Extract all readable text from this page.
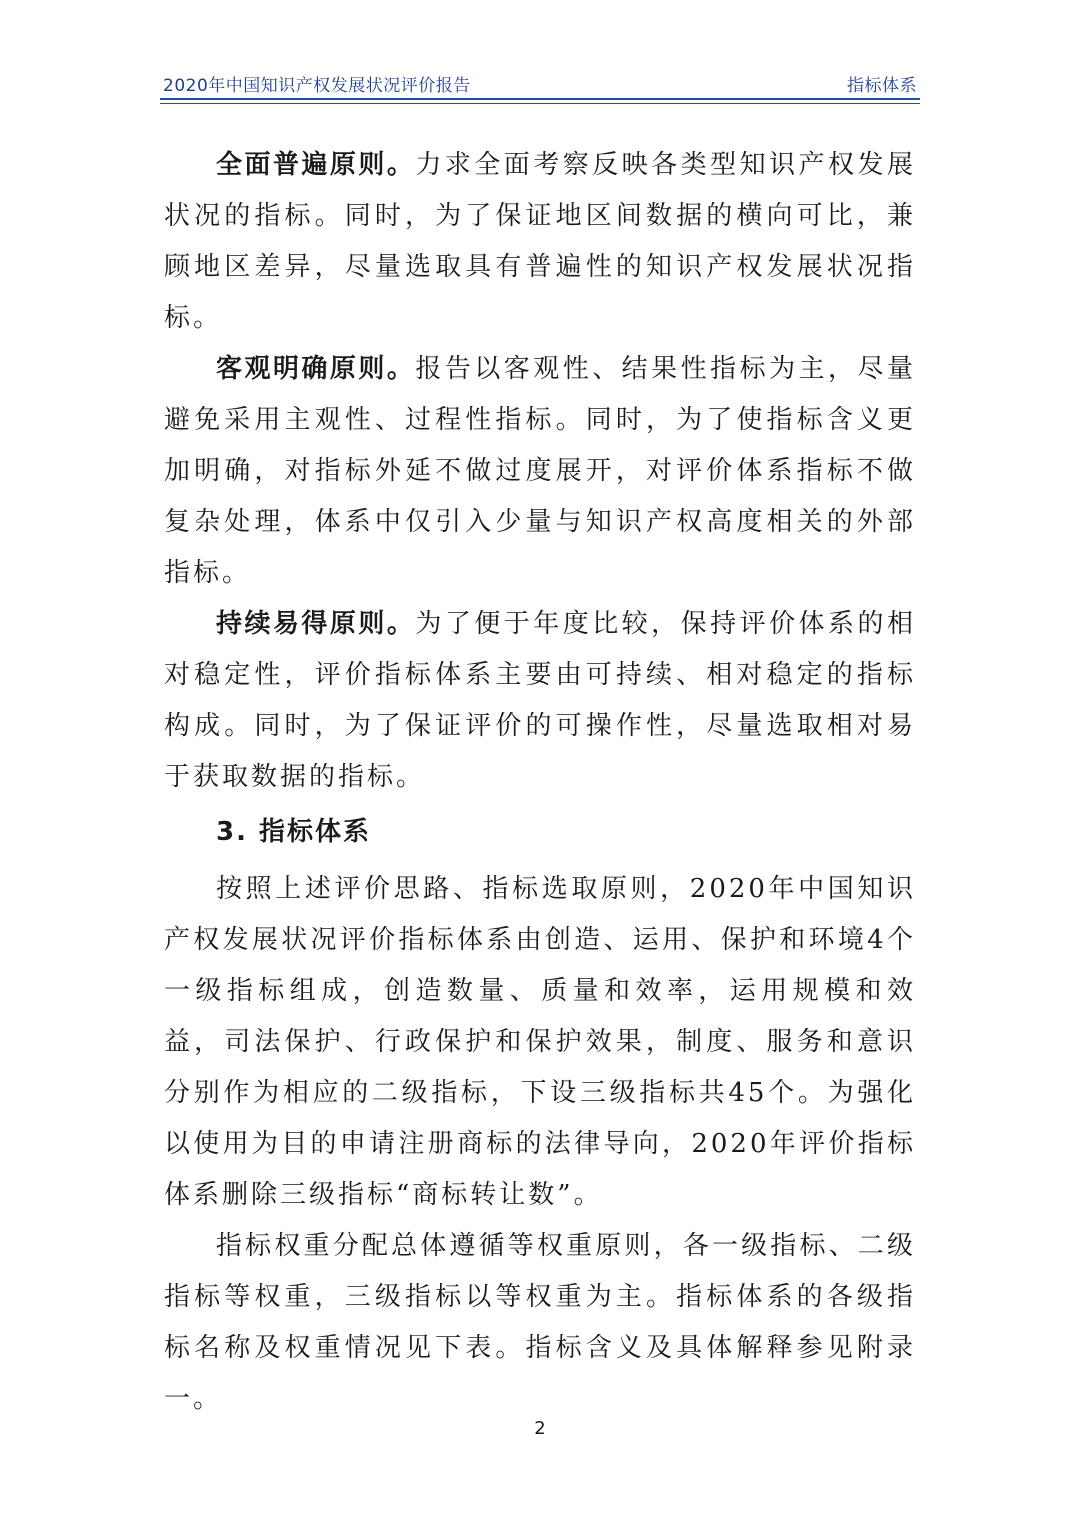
2020年中国知识产权发展状况评价报告	指标体系

全面普遍原则。力求全面考察反映各类型知识产权发展状况的指标。同时，为了保证地区间数据的横向可比，兼顾地区差异，尽量选取具有普遍性的知识产权发展状况指标。

客观明确原则。报告以客观性、结果性指标为主，尽量避免采用主观性、过程性指标。同时，为了使指标含义更加明确，对指标外延不做过度展开，对评价体系指标不做复杂处理，体系中仅引入少量与知识产权高度相关的外部指标。

持续易得原则。为了便于年度比较，保持评价体系的相对稳定性，评价指标体系主要由可持续、相对稳定的指标构成。同时，为了保证评价的可操作性，尽量选取相对易于获取数据的指标。

3. 指标体系

按照上述评价思路、指标选取原则，2020年中国知识产权发展状况评价指标体系由创造、运用、保护和环境4个一级指标组成，创造数量、质量和效率，运用规模和效益，司法保护、行政保护和保护效果，制度、服务和意识分别作为相应的二级指标，下设三级指标共45个。为强化以使用为目的申请注册商标的法律导向，2020年评价指标体系删除三级指标“商标转让数”。

指标权重分配总体遵循等权重原则，各一级指标、二级指标等权重，三级指标以等权重为主。指标体系的各级指标名称及权重情况见下表。指标含义及具体解释参见附录一。

2
